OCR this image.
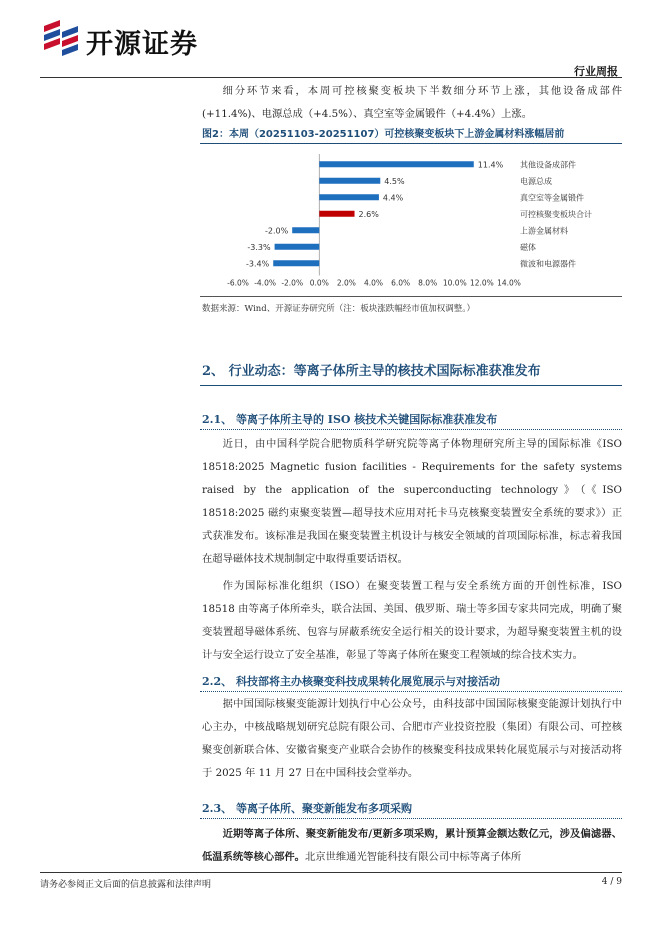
开源证券
行业周报

细分环节来看，本周可控核聚变板块下半数细分环节上涨，其他设备成部件(+11.4%)、电源总成（+4.5%）、真空室等金属锻件（+4.4%）上涨。

图2：本周（20251103-20251107）可控核聚变板块下上游金属材料涨幅居前
11.4% 其他设备成部件
4.5%	电源总成
4.4%	真空室等金属锻件
2.6%	可控核聚变板块合计
-2.0%	上游金属材料
-3.3%	磁体
-3.4%	微波和电源器件
-6.0% -4.0% -2.0% 0.0% 2.0% 4.0% 6.0% 8.0% 10.0% 12.0% 14.0%
数据来源：Wind、开源证券研究所（注：板块涨跌幅经市值加权调整。）
2、 行业动态：等离子体所主导的核技术国际标准获准发布
2.1、 等离子体所主导的 ISO 核技术关键国际标准获准发布

近日，由中国科学院合肥物质科学研究院等离子体物理研究所主导的国际标准《ISO 18518:2025 Magnetic fusion facilities - Requirements for the safety systems raised by the application of the superconducting technology》（《ISO 18518:2025 磁约束聚变装置—超导技术应用对托卡马克核聚变装置安全系统的要求》）正式获准发布。该标准是我国在聚变装置主机设计与核安全领域的首项国际标准，标志着我国在超导磁体技术规制制定中取得重要话语权。

作为国际标准化组织（ISO）在聚变装置工程与安全系统方面的开创性标准，ISO 18518 由等离子体所牵头，联合法国、美国、俄罗斯、瑞士等多国专家共同完成，明确了聚变装置超导磁体系统、包容与屏蔽系统安全运行相关的设计要求，为超导聚变装置主机的设计与安全运行设立了安全基准，彰显了等离子体所在聚变工程领域的综合技术实力。

2.2、 科技部将主办核聚变科技成果转化展览展示与对接活动

据中国国际核聚变能源计划执行中心公众号，由科技部中国国际核聚变能源计划执行中心主办，中核战略规划研究总院有限公司、合肥市产业投资控股（集团）有限公司、可控核聚变创新联合体、安徽省聚变产业联合会协作的核聚变科技成果转化展览展示与对接活动将于 2025 年 11 月 27 日在中国科技会堂举办。

2.3、 等离子体所、聚变新能发布多项采购

近期等离子体所、聚变新能发布/更新多项采购，累计预算金额达数亿元，涉及偏滤器、低温系统等核心部件。北京世维通光智能科技有限公司中标等离子体所

请务必参阅正文后面的信息披露和法律声明	4 / 9
